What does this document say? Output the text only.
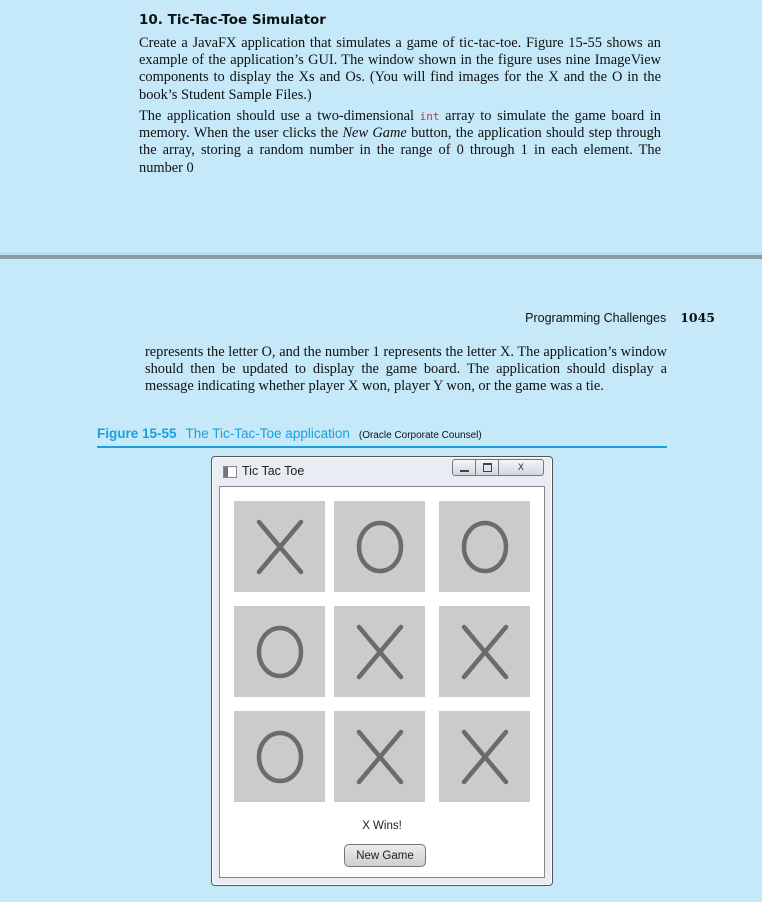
10. Tic-Tac-Toe Simulator

Create a JavaFX application that simulates a game of tic-tac-toe. Figure 15-55 shows an example of the application’s GUI. The window shown in the figure uses nine ImageView components to display the Xs and Os. (You will find images for the X and the O in the book’s Student Sample Files.)

The application should use a two-dimensional int array to simulate the game board in memory. When the user clicks the New Game button, the application should step through the array, storing a random number in the range of 0 through 1 in each element. The number 0

Programming Challenges 1045

represents the letter O, and the number 1 represents the letter X. The application’s window should then be updated to display the game board. The application should display a message indicating whether player X won, player Y won, or the game was a tie.

Figure 15-55 The Tic-Tac-Toe application (Oracle Corporate Counsel)
Tic Tac Toe	X
X Wins!
New Game
